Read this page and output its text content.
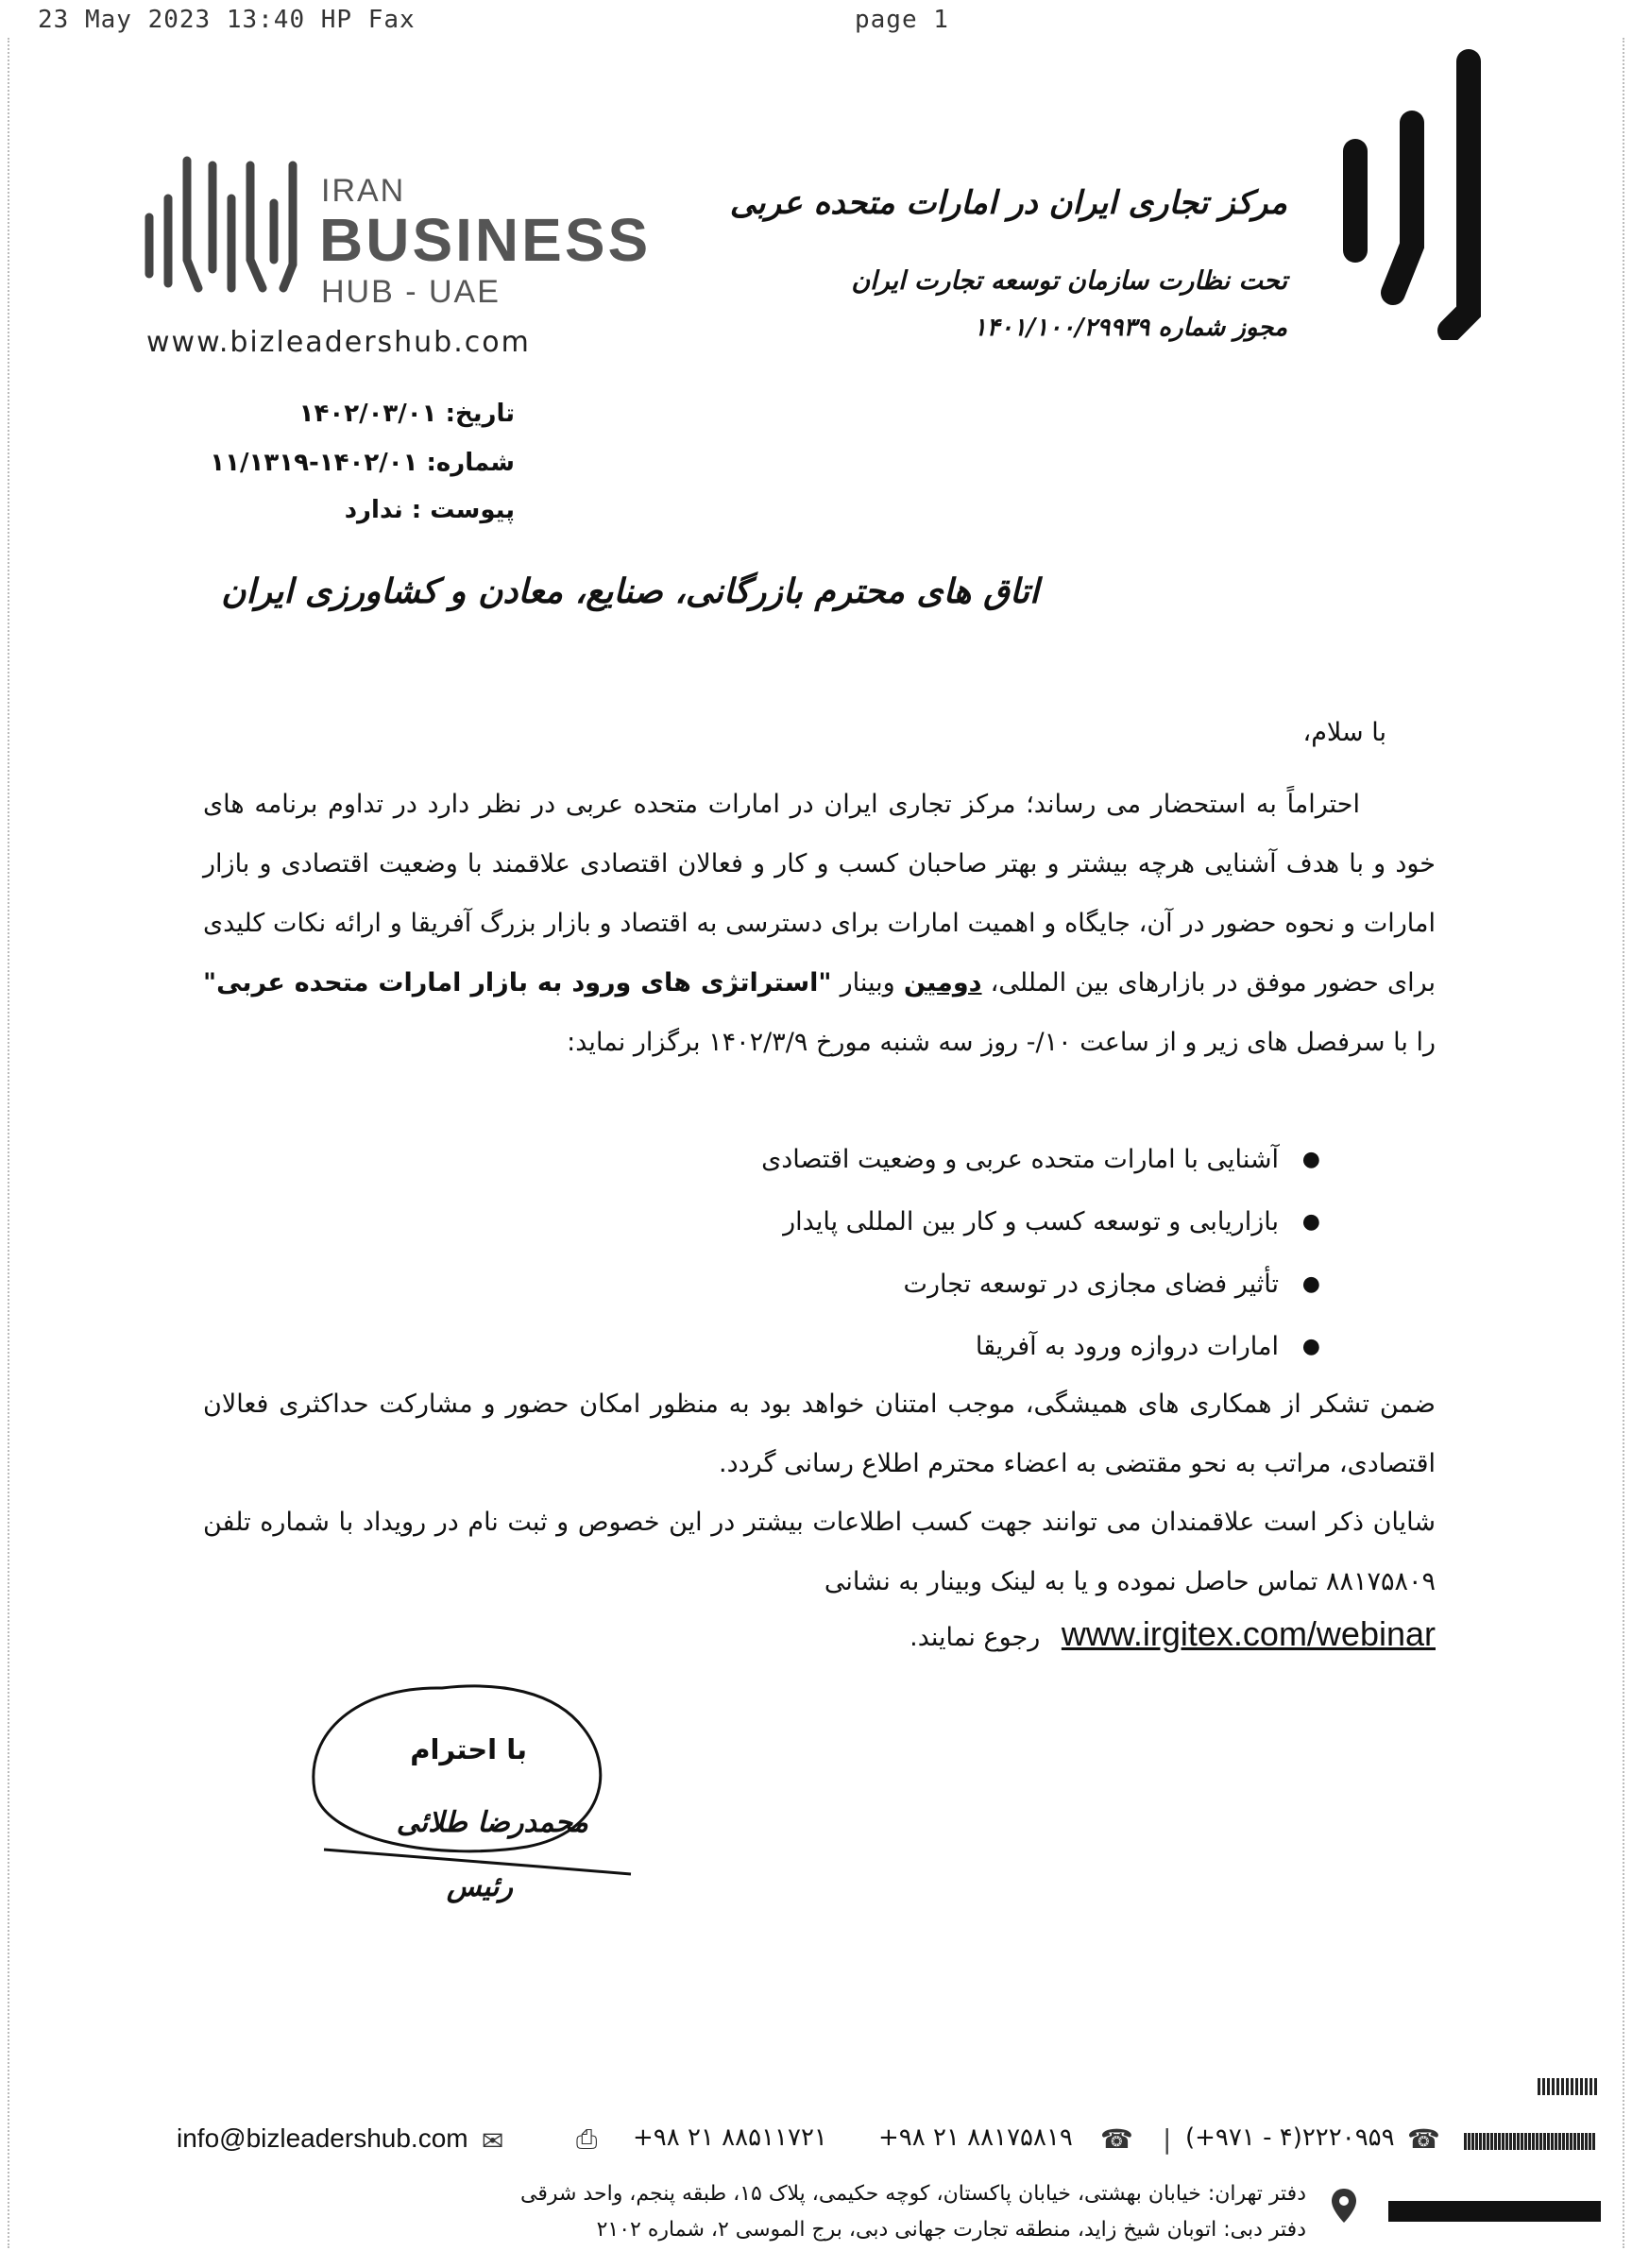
23 May 2023 13:40 HP Fax	page 1
IRAN
BUSINESS
HUB - UAE
www.bizleadershub.com
مرکز تجاری ایران در امارات متحده عربی
تحت نظارت سازمان توسعه تجارت ایران
مجوز شماره ۱۴۰۱/۱۰۰/۲۹۹۳۹
تاریخ: ۱۴۰۲/۰۳/۰۱
شماره: ۱۴۰۲/۰۱-۱۱/۱۳۱۹
پیوست : ندارد
اتاق های محترم بازرگانی، صنایع، معادن و کشاورزی ایران
با سلام،
احتراماً به استحضار می رساند؛ مرکز تجاری ایران در امارات متحده عربی در نظر دارد در تداوم برنامه های خود و با هدف آشنایی هرچه بیشتر و بهتر صاحبان کسب و کار و فعالان اقتصادی علاقمند با وضعیت اقتصادی و بازار امارات و نحوه حضور در آن، جایگاه و اهمیت امارات برای دسترسی به اقتصاد و بازار بزرگ آفریقا و ارائه نکات کلیدی برای حضور موفق در بازارهای بین المللی، دومین وبینار "استراتژی های ورود به بازار امارات متحده عربی" را با سرفصل های زیر و از ساعت ۱۰/- روز سه شنبه مورخ ۱۴۰۲/۳/۹ برگزار نماید:
● آشنایی با امارات متحده عربی و وضعیت اقتصادی
● بازاریابی و توسعه کسب و کار بین المللی پایدار
● تأثیر فضای مجازی در توسعه تجارت
● امارات دروازه ورود به آفریقا
ضمن تشکر از همکاری های همیشگی، موجب امتنان خواهد بود به منظور امکان حضور و مشارکت حداکثری فعالان اقتصادی، مراتب به نحو مقتضی به اعضاء محترم اطلاع رسانی گردد.
شایان ذکر است علاقمندان می توانند جهت کسب اطلاعات بیشتر در این خصوص و ثبت نام در رویداد با شماره تلفن ۸۸۱۷۵۸۰۹ تماس حاصل نموده و یا به لینک وبینار به نشانی
www.irgitex.com/webinar رجوع نمایند.
با احترام
محمدرضا طلائی
رئیس
info@bizleadershub.com ✉	⎙ +۹۸ ۲۱ ۸۸۵۱۱۷۲۱ +۹۸ ۲۱ ۸۸۱۷۵۸۱۹ ☎ | (+۹۷۱ - ۴)۲۲۲۰۹۵۹ ☎
دفتر تهران: خیابان بهشتی، خیابان پاکستان، کوچه حکیمی، پلاک ۱۵، طبقه پنجم، واحد شرقی
دفتر دبی: اتوبان شیخ زاید، منطقه تجارت جهانی دبی، برج الموسی ۲، شماره ۲۱۰۲
